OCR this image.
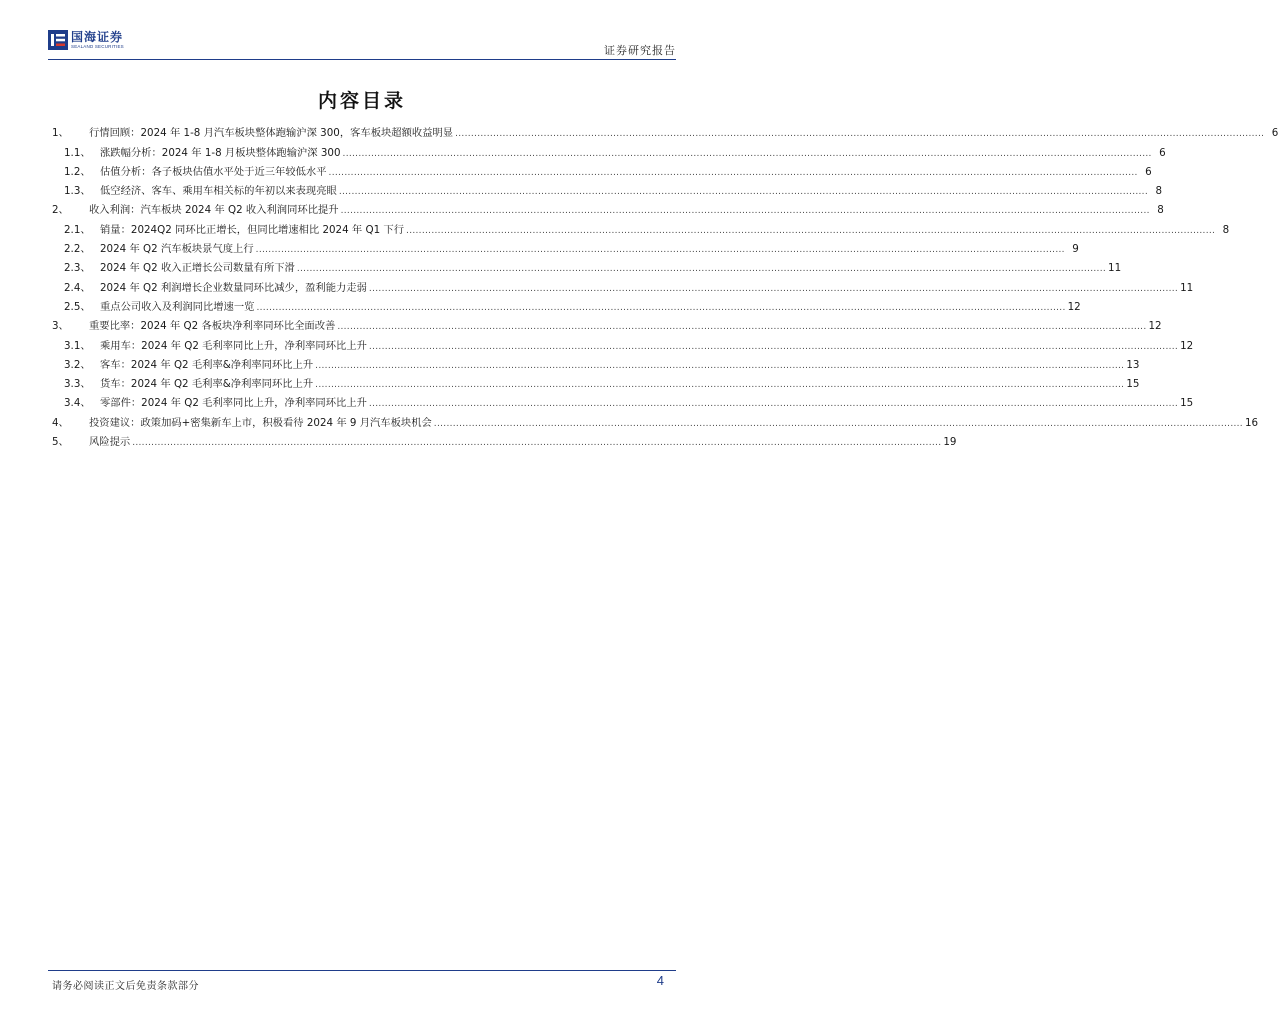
国海证券
SEALAND SECURITIES	证券研究报告
内容目录
1、	行情回顾：2024 年 1-8 月汽车板块整体跑输沪深 300，客车板块超额收益明显 .....	6
1.1、 涨跌幅分析：2024 年 1-8 月板块整体跑输沪深 300 .....	6
1.2、 估值分析：各子板块估值水平处于近三年较低水平 .....	6
1.3、 低空经济、客车、乘用车相关标的年初以来表现亮眼 .....	8
2、	收入利润：汽车板块 2024 年 Q2 收入利润同环比提升 .....	8
2.1、 销量：2024Q2 同环比正增长，但同比增速相比 2024 年 Q1 下行 .....	8
2.2、 2024 年 Q2 汽车板块景气度上行 .....	9
2.3、 2024 年 Q2 收入正增长公司数量有所下滑 .....	11
2.4、 2024 年 Q2 利润增长企业数量同环比减少，盈利能力走弱 .....	11
2.5、 重点公司收入及利润同比增速一览 .....	12
3、	重要比率：2024 年 Q2 各板块净利率同环比全面改善 .....	12
3.1、 乘用车：2024 年 Q2 毛利率同比上升，净利率同环比上升 .....	12
3.2、 客车：2024 年 Q2 毛利率&净利率同环比上升 .....	13
3.3、 货车：2024 年 Q2 毛利率&净利率同环比上升 .....	15
3.4、 零部件：2024 年 Q2 毛利率同比上升，净利率同环比上升 .....	15
4、	投资建议：政策加码+密集新车上市，积极看待 2024 年 9 月汽车板块机会 .....	16
5、	风险提示 .....	19
请务必阅读正文后免责条款部分	4
